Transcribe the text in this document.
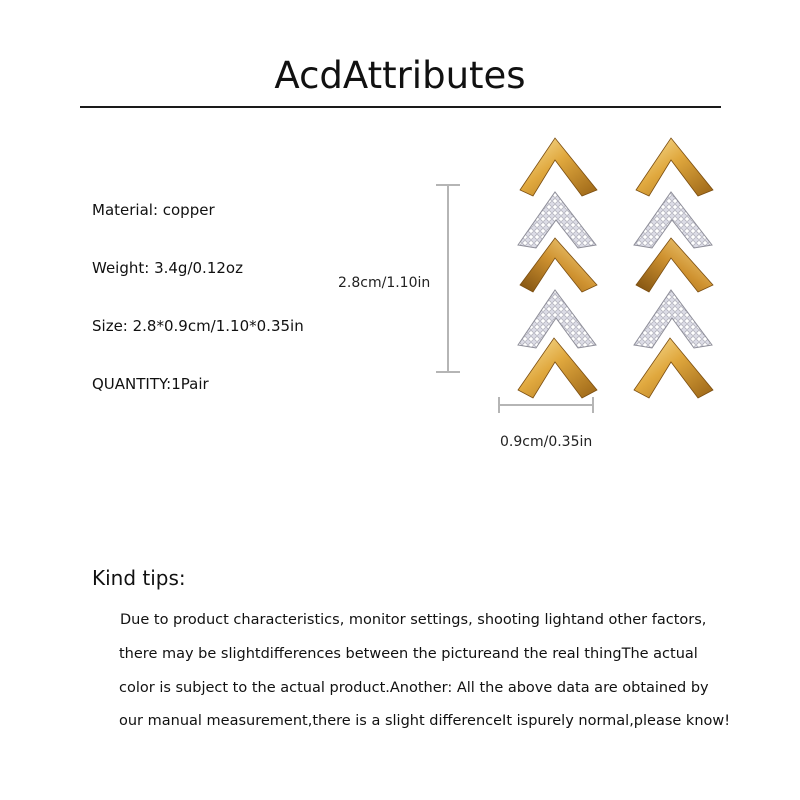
AcdAttributes
Material: copper
Weight: 3.4g/0.12oz
Size: 2.8*0.9cm/1.10*0.35in
QUANTITY:1Pair
2.8cm/1.10in
0.9cm/0.35in
Kind tips:
Due to product characteristics, monitor settings, shooting lightand other factors,
there may be slightdifferences between the pictureand the real thingThe actual
color is subject to the actual product.Another: All the above data are obtained by
our manual measurement,there is a slight differenceIt ispurely normal,please know!
